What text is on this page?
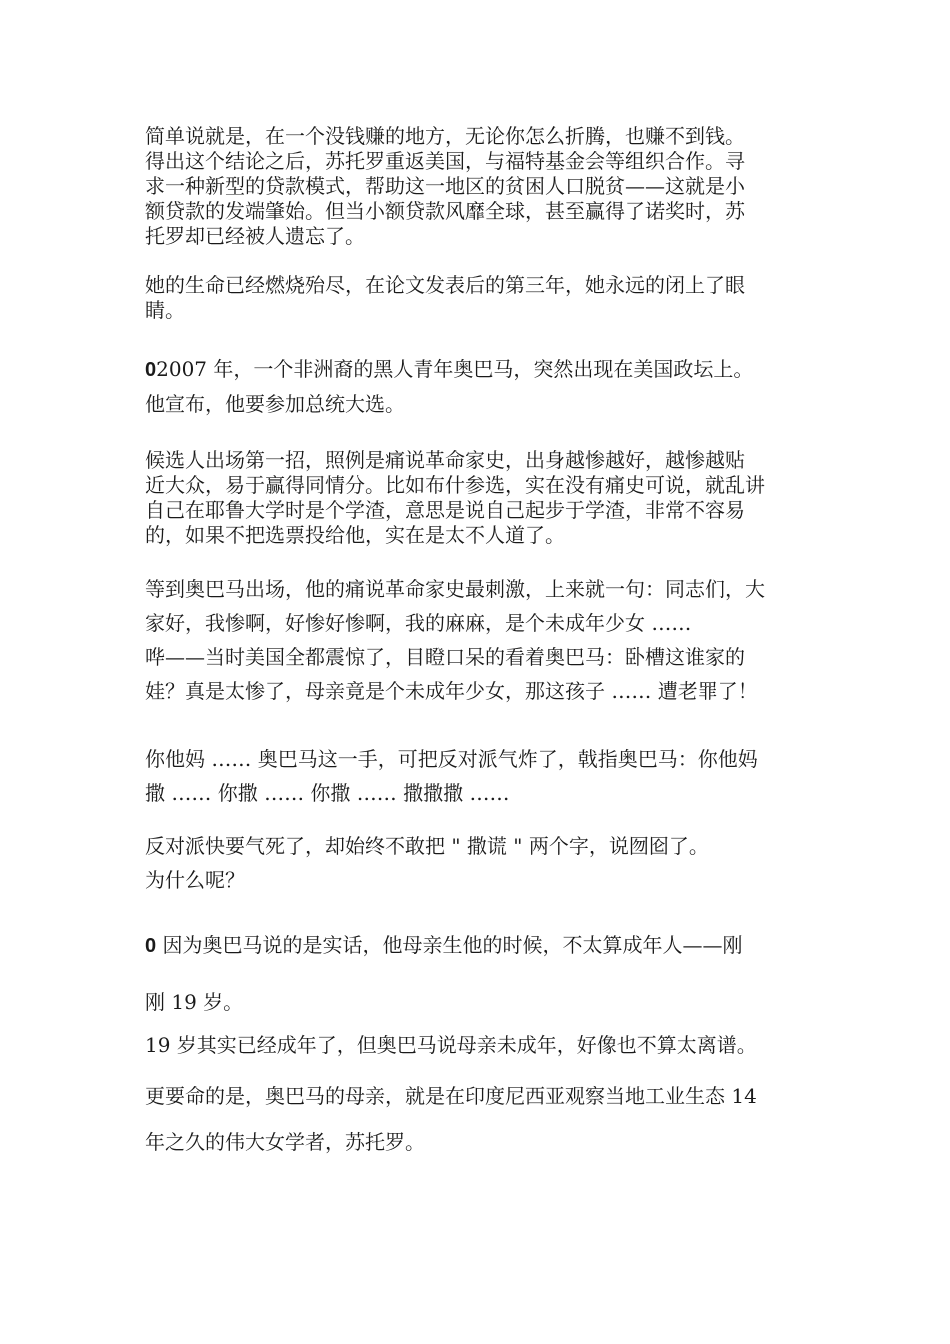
简单说就是，在一个没钱赚的地方，无论你怎么折腾，也赚不到钱。
得出这个结论之后，苏托罗重返美国，与福特基金会等组织合作。寻
求一种新型的贷款模式，帮助这一地区的贫困人口脱贫——这就是小
额贷款的发端肇始。但当小额贷款风靡全球，甚至赢得了诺奖时，苏
托罗却已经被人遗忘了。

她的生命已经燃烧殆尽，在论文发表后的第三年，她永远的闭上了眼
睛。

02007 年，一个非洲裔的黑人青年奥巴马，突然出现在美国政坛上。
他宣布，他要参加总统大选。

候选人出场第一招，照例是痛说革命家史，出身越惨越好，越惨越贴
近大众，易于赢得同情分。比如布什参选，实在没有痛史可说，就乱讲
自己在耶鲁大学时是个学渣，意思是说自己起步于学渣，非常不容易
的，如果不把选票投给他，实在是太不人道了。

等到奥巴马出场，他的痛说革命家史最刺激，上来就一句：同志们，大
家好，我惨啊，好惨好惨啊，我的麻麻，是个未成年少女 ……
哗——当时美国全都震惊了，目瞪口呆的看着奥巴马：卧槽这谁家的
娃？真是太惨了，母亲竟是个未成年少女，那这孩子 …… 遭老罪了！

你他妈 …… 奥巴马这一手，可把反对派气炸了，戟指奥巴马：你他妈
撒 …… 你撒 …… 你撒 …… 撒撒撒 ……

反对派快要气死了，却始终不敢把 " 撒谎 " 两个字，说囫囵了。
为什么呢？

0 因为奥巴马说的是实话，他母亲生他的时候，不太算成年人——刚
刚 19 岁。

19 岁其实已经成年了，但奥巴马说母亲未成年，好像也不算太离谱。

更要命的是，奥巴马的母亲，就是在印度尼西亚观察当地工业生态 14
年之久的伟大女学者，苏托罗。
